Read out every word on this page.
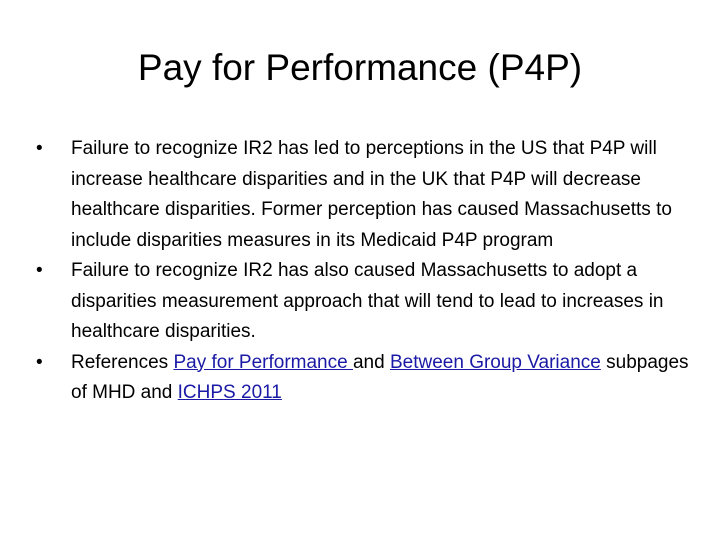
Pay for Performance (P4P)
•	Failure to recognize IR2 has led to perceptions in the US that P4P will increase healthcare disparities and in the UK that P4P will decrease healthcare disparities. Former perception has caused Massachusetts to include disparities measures in its Medicaid P4P program
•	Failure to recognize IR2 has also caused Massachusetts to adopt a disparities measurement approach that will tend to lead to increases in healthcare disparities.
•	References Pay for Performance and Between Group Variance subpages of MHD and ICHPS 2011
